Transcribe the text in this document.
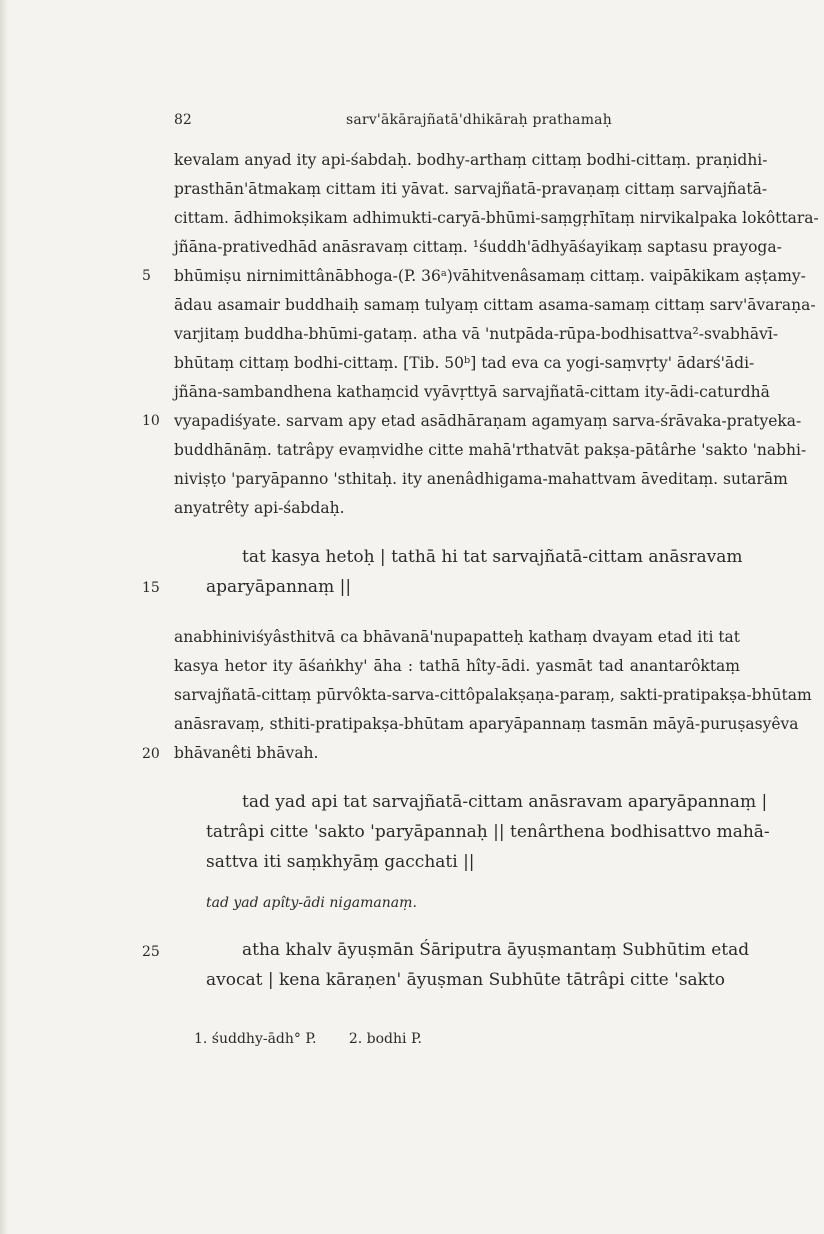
82	sarv'ākārajñatā'dhikāraḥ prathamaḥ
kevalam anyad ity api-śabdaḥ. bodhy-arthaṃ cittaṃ bodhi-cittaṃ. praṇidhi-
prasthān'ātmakaṃ cittam iti yāvat. sarvajñatā-pravaṇaṃ cittaṃ sarvajñatā-
cittam. ādhimokṣikam adhimukti-caryā-bhūmi-saṃgṛhītaṃ nirvikalpaka lokôttara-
jñāna-prativedhād anāsravaṃ cittaṃ. ¹śuddh'ādhyāśayikaṃ saptasu prayoga-
bhūmiṣu nirnimittânābhoga-(P. 36ᵃ)vāhitvenâsamaṃ cittaṃ. vaipākikam aṣṭamy-
ādau asamair buddhaiḥ samaṃ tulyaṃ cittam asama-samaṃ cittaṃ sarv'āvaraṇa-
varjitaṃ buddha-bhūmi-gataṃ. atha vā 'nutpāda-rūpa-bodhisattva²-svabhāvī-
bhūtaṃ cittaṃ bodhi-cittaṃ. [Tib. 50ᵇ] tad eva ca yogi-saṃvṛty' ādarś'ādi-
jñāna-sambandhena kathaṃcid vyāvṛttyā sarvajñatā-cittam ity-ādi-caturdhā
vyapadiśyate. sarvam apy etad asādhāraṇam agamyaṃ sarva-śrāvaka-pratyeka-
buddhānāṃ. tatrâpy evaṃvidhe citte mahā'rthatvāt pakṣa-pātârhe 'sakto 'nabhi-
niviṣṭo 'paryāpanno 'sthitaḥ. ity anenâdhigama-mahattvam āveditaṃ. sutarām
anyatrêty api-śabdaḥ.
tat kasya hetoḥ | tathā hi tat sarvajñatā-cittam anāsravam
aparyāpannaṃ ||
anabhiniviśyâsthitvā ca bhāvanā'nupapatteḥ kathaṃ dvayam etad iti tat
kasya hetor ity āśaṅkhy' āha : tathā hîty-ādi. yasmāt tad anantarôktaṃ
sarvajñatā-cittaṃ pūrvôkta-sarva-cittôpalakṣaṇa-paraṃ, sakti-pratipakṣa-bhūtam
anāsravaṃ, sthiti-pratipakṣa-bhūtam aparyāpannaṃ tasmān māyā-puruṣasyêva
bhāvanêti bhāvah.
tad yad api tat sarvajñatā-cittam anāsravam aparyāpannaṃ |
tatrâpi citte 'sakto 'paryāpannaḥ || tenârthena bodhisattvo mahā-
sattva iti saṃkhyāṃ gacchati ||
tad yad apîty-ādi nigamanaṃ.
atha khalv āyuṣmān Śāriputra āyuṣmantaṃ Subhūtim etad
avocat | kena kāraṇen' āyuṣman Subhūte tātrâpi citte 'sakto
5
10
15
20
25
1. śuddhy-ādh° P. 2. bodhi P.
